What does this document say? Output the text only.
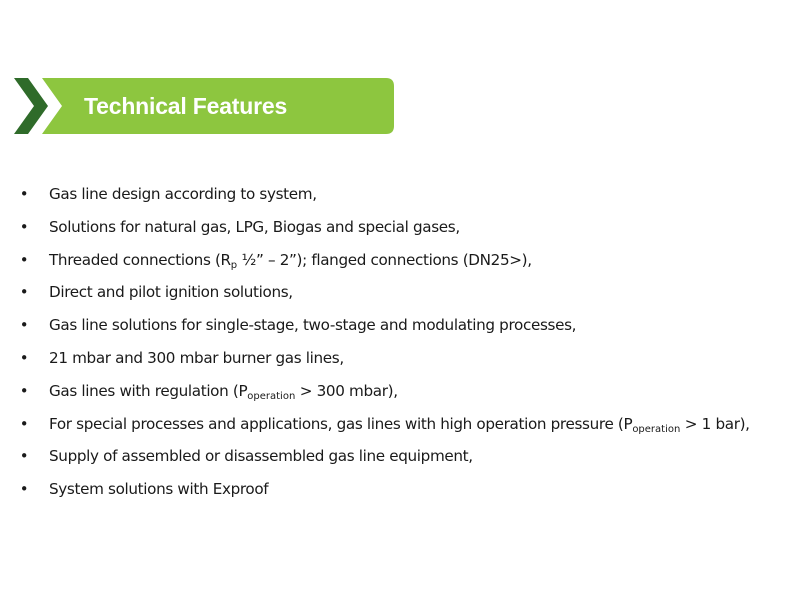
Technical Features
•	Gas line design according to system,
•	Solutions for natural gas, LPG, Biogas and special gases,
•	Threaded connections ($R_p$ ½” – 2”); flanged connections (DN25>),
•	Direct and pilot ignition solutions,
•	Gas line solutions for single-stage, two-stage and modulating processes,
•	21 mbar and 300 mbar burner gas lines,
•	Gas lines with regulation ($P_{operation} > 300$ mbar),
•	For special processes and applications, gas lines with high operation pressure ($P_{operation} > 1$ bar),
•	Supply of assembled or disassembled gas line equipment,
•	System solutions with Exproof
